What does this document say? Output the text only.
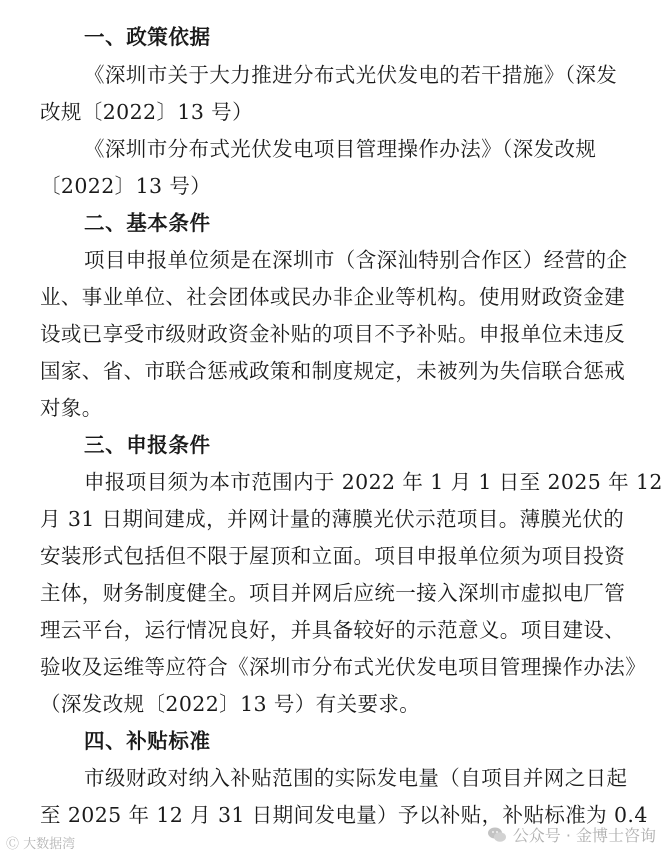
一、政策依据
《深圳市关于大力推进分布式光伏发电的若干措施》（深发
改规〔2022〕13 号）
《深圳市分布式光伏发电项目管理操作办法》（深发改规
〔2022〕13 号）
二、基本条件
项目申报单位须是在深圳市（含深汕特别合作区）经营的企
业、事业单位、社会团体或民办非企业等机构。使用财政资金建
设或已享受市级财政资金补贴的项目不予补贴。申报单位未违反
国家、省、市联合惩戒政策和制度规定，未被列为失信联合惩戒
对象。
三、申报条件
申报项目须为本市范围内于 2022 年 1 月 1 日至 2025 年 12
月 31 日期间建成，并网计量的薄膜光伏示范项目。薄膜光伏的
安装形式包括但不限于屋顶和立面。项目申报单位须为项目投资
主体，财务制度健全。项目并网后应统一接入深圳市虚拟电厂管
理云平台，运行情况良好，并具备较好的示范意义。项目建设、
验收及运维等应符合《深圳市分布式光伏发电项目管理操作办法》
（深发改规〔2022〕13 号）有关要求。
四、补贴标准
市级财政对纳入补贴范围的实际发电量（自项目并网之日起
至 2025 年 12 月 31 日期间发电量）予以补贴，补贴标准为 0.4
Ⓒ 大数据湾	公众号 · 金博士咨询
